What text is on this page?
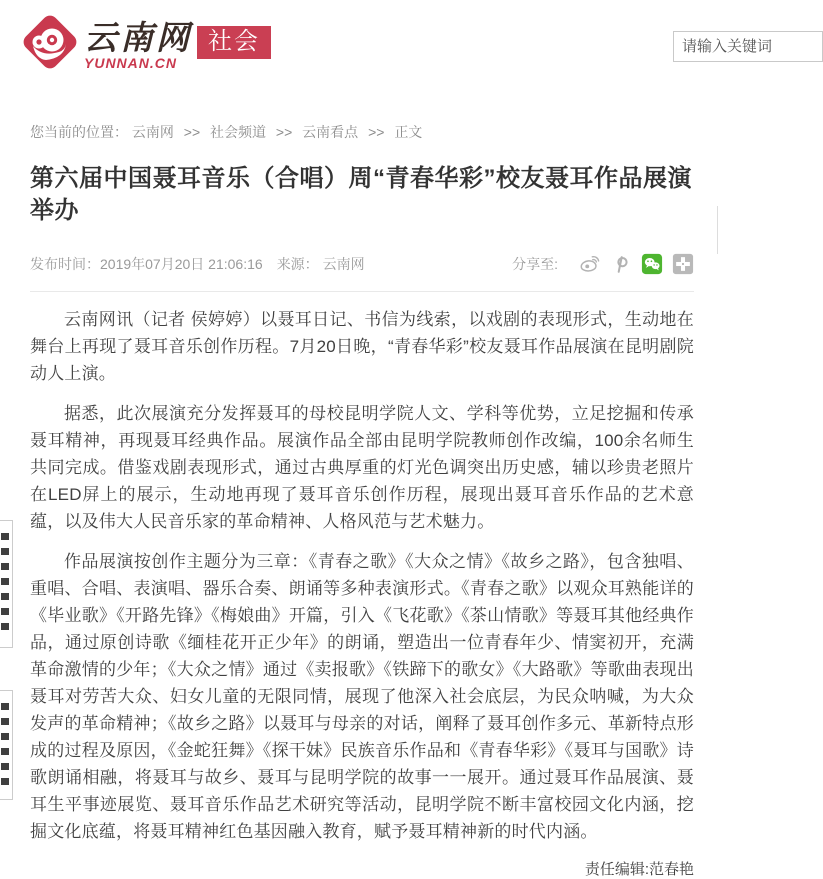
云南网
YUNNAN.CN
社会
请输入关键词
您当前的位置： 云南网 >> 社会频道 >> 云南看点 >> 正文
第六届中国聂耳音乐（合唱）周“青春华彩”校友聂耳作品展演举办
发布时间：2019年07月20日 21:06:16 来源： 云南网	分享至:

云南网讯（记者 侯婷婷）以聂耳日记、书信为线索，以戏剧的表现形式，生动地在舞台上再现了聂耳音乐创作历程。7月20日晚，“青春华彩”校友聂耳作品展演在昆明剧院动人上演。

据悉，此次展演充分发挥聂耳的母校昆明学院人文、学科等优势，立足挖掘和传承聂耳精神，再现聂耳经典作品。展演作品全部由昆明学院教师创作改编，100余名师生共同完成。借鉴戏剧表现形式，通过古典厚重的灯光色调突出历史感，辅以珍贵老照片在LED屏上的展示，生动地再现了聂耳音乐创作历程，展现出聂耳音乐作品的艺术意蕴，以及伟大人民音乐家的革命精神、人格风范与艺术魅力。

作品展演按创作主题分为三章：《青春之歌》《大众之情》《故乡之路》，包含独唱、重唱、合唱、表演唱、器乐合奏、朗诵等多种表演形式。《青春之歌》以观众耳熟能详的《毕业歌》《开路先锋》《梅娘曲》开篇，引入《飞花歌》《茶山情歌》等聂耳其他经典作品，通过原创诗歌《缅桂花开正少年》的朗诵，塑造出一位青春年少、情窦初开，充满革命激情的少年；《大众之情》通过《卖报歌》《铁蹄下的歌女》《大路歌》等歌曲表现出聂耳对劳苦大众、妇女儿童的无限同情，展现了他深入社会底层，为民众呐喊，为大众发声的革命精神；《故乡之路》以聂耳与母亲的对话，阐释了聂耳创作多元、革新特点形成的过程及原因，《金蛇狂舞》《探干妹》民族音乐作品和《青春华彩》《聂耳与国歌》诗歌朗诵相融，将聂耳与故乡、聂耳与昆明学院的故事一一展开。通过聂耳作品展演、聂耳生平事迹展览、聂耳音乐作品艺术研究等活动，昆明学院不断丰富校园文化内涵，挖掘文化底蕴，将聂耳精神红色基因融入教育，赋予聂耳精神新的时代内涵。

责任编辑:范春艳
